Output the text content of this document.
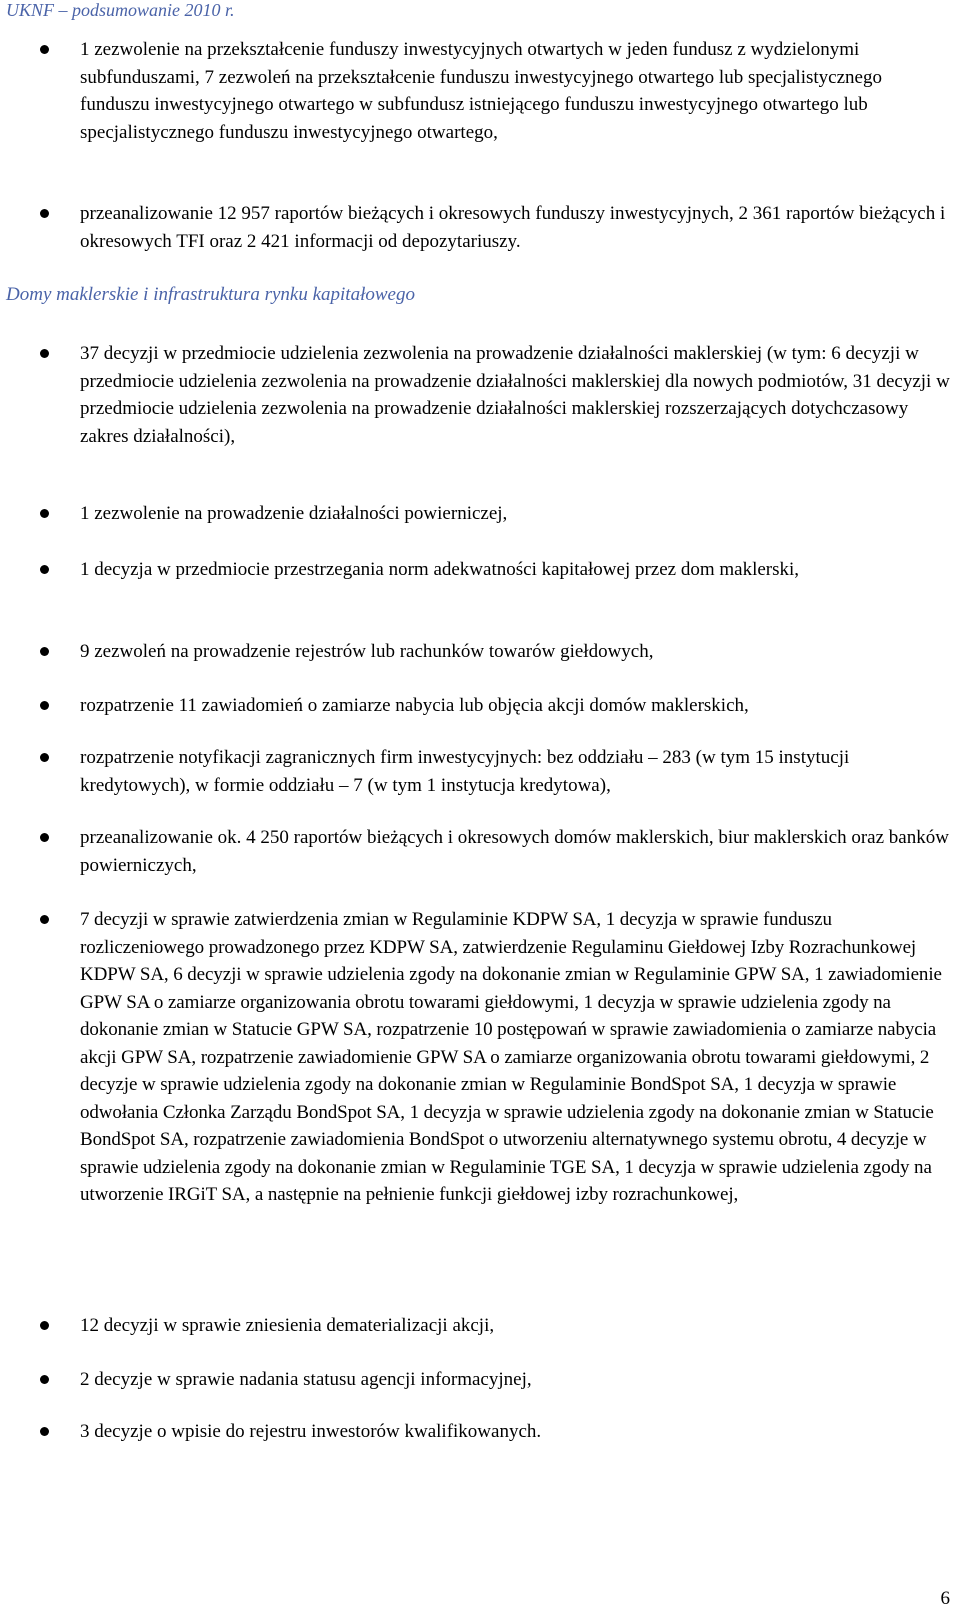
UKNF – podsumowanie 2010 r.
1 zezwolenie na przekształcenie funduszy inwestycyjnych otwartych w jeden fundusz z wydzielonymi subfunduszami, 7 zezwoleń na przekształcenie funduszu inwestycyjnego otwartego lub specjalistycznego funduszu inwestycyjnego otwartego w subfundusz istniejącego funduszu inwestycyjnego otwartego lub specjalistycznego funduszu inwestycyjnego otwartego,
przeanalizowanie 12 957 raportów bieżących i okresowych funduszy inwestycyjnych, 2 361 raportów bieżących i okresowych TFI oraz 2 421 informacji od depozytariuszy.
Domy maklerskie i infrastruktura rynku kapitałowego
37 decyzji w przedmiocie udzielenia zezwolenia na prowadzenie działalności maklerskiej (w tym: 6 decyzji w przedmiocie udzielenia zezwolenia na prowadzenie działalności maklerskiej dla nowych podmiotów, 31 decyzji w przedmiocie udzielenia zezwolenia na prowadzenie działalności maklerskiej rozszerzających dotychczasowy zakres działalności),
1 zezwolenie na prowadzenie działalności powierniczej,
1 decyzja w przedmiocie przestrzegania norm adekwatności kapitałowej przez dom maklerski,
9 zezwoleń na prowadzenie rejestrów lub rachunków towarów giełdowych,
rozpatrzenie 11 zawiadomień o zamiarze nabycia lub objęcia akcji domów maklerskich,
rozpatrzenie notyfikacji zagranicznych firm inwestycyjnych: bez oddziału – 283 (w tym 15 instytucji kredytowych), w formie oddziału – 7 (w tym 1 instytucja kredytowa),
przeanalizowanie ok. 4 250 raportów bieżących i okresowych domów maklerskich, biur maklerskich oraz banków powierniczych,
7 decyzji w sprawie zatwierdzenia zmian w Regulaminie KDPW SA, 1 decyzja w sprawie funduszu rozliczeniowego prowadzonego przez KDPW SA, zatwierdzenie Regulaminu Giełdowej Izby Rozrachunkowej KDPW SA, 6 decyzji w sprawie udzielenia zgody na dokonanie zmian w Regulaminie GPW SA, 1 zawiadomienie GPW SA o zamiarze organizowania obrotu towarami giełdowymi, 1 decyzja w sprawie udzielenia zgody na dokonanie zmian w Statucie GPW SA, rozpatrzenie 10 postępowań w sprawie zawiadomienia o zamiarze nabycia akcji GPW SA, rozpatrzenie zawiadomienie GPW SA o zamiarze organizowania obrotu towarami giełdowymi, 2 decyzje w sprawie udzielenia zgody na dokonanie zmian w Regulaminie BondSpot SA, 1 decyzja w sprawie odwołania Członka Zarządu BondSpot SA, 1 decyzja w sprawie udzielenia zgody na dokonanie zmian w Statucie BondSpot SA, rozpatrzenie zawiadomienia BondSpot o utworzeniu alternatywnego systemu obrotu, 4 decyzje w sprawie udzielenia zgody na dokonanie zmian w Regulaminie TGE SA, 1 decyzja w sprawie udzielenia zgody na utworzenie IRGiT SA, a następnie na pełnienie funkcji giełdowej izby rozrachunkowej,
12 decyzji w sprawie zniesienia dematerializacji akcji,
2 decyzje w sprawie nadania statusu agencji informacyjnej,
3 decyzje o wpisie do rejestru inwestorów kwalifikowanych.
6
